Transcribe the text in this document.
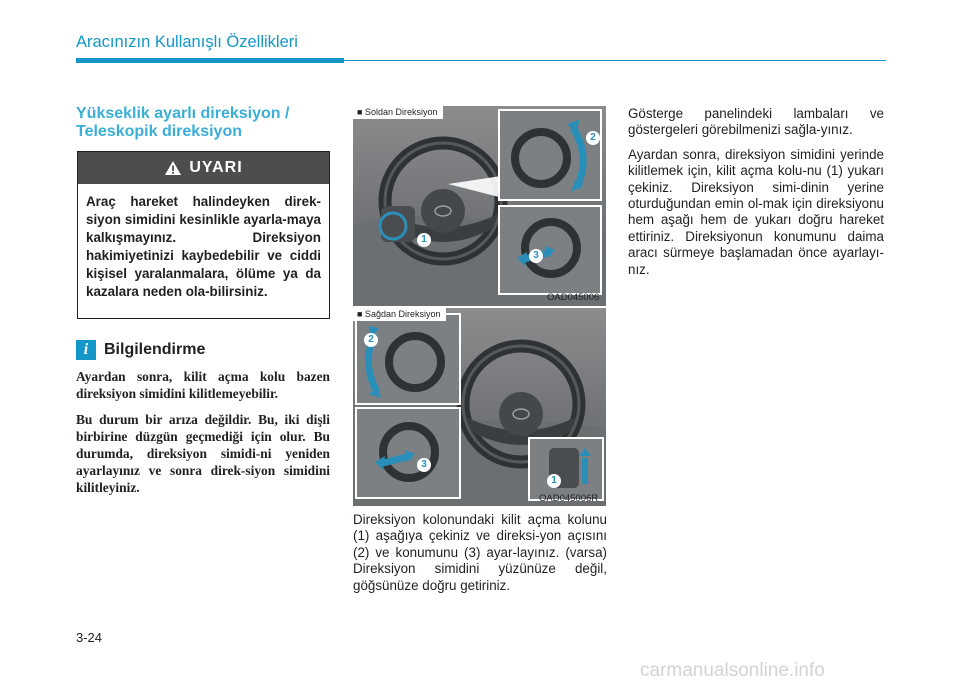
Aracınızın Kullanışlı Özellikleri
Yükseklik ayarlı direksiyon /
Teleskopik direksiyon
UYARI
Araç hareket halindeyken direk-siyon simidini kesinlikle ayarla-maya kalkışmayınız. Direksiyon hakimiyetinizi kaybedebilir ve ciddi kişisel yaralanmalara, ölüme ya da kazalara neden ola-bilirsiniz.
i Bilgilendirme

Ayardan sonra, kilit açma kolu bazen direksiyon simidini kilitlemeyebilir.

Bu durum bir arıza değildir. Bu, iki dişli birbirine düzgün geçmediği için olur. Bu durumda, direksiyon simidi-ni yeniden ayarlayınız ve sonra direk-siyon simidini kilitleyiniz.

■ Soldan Direksiyon
1
2
3
OAD045006
■ Sağdan Direksiyon
2
3
1
OAD045006R
Direksiyon kolonundaki kilit açma kolunu (1) aşağıya çekiniz ve direksi-yon açısını (2) ve konumunu (3) ayar-layınız. (varsa) Direksiyon simidini yüzünüze değil, göğsünüze doğru getiriniz.

Gösterge panelindeki lambaları ve göstergeleri görebilmenizi sağla-yınız.

Ayardan sonra, direksiyon simidini yerinde kilitlemek için, kilit açma kolu-nu (1) yukarı çekiniz. Direksiyon simi-dinin yerine oturduğundan emin ol-mak için direksiyonu hem aşağı hem de yukarı doğru hareket ettiriniz. Direksiyonun konumunu daima aracı sürmeye başlamadan önce ayarlayı-nız.

3-24
carmanualsonline.info
